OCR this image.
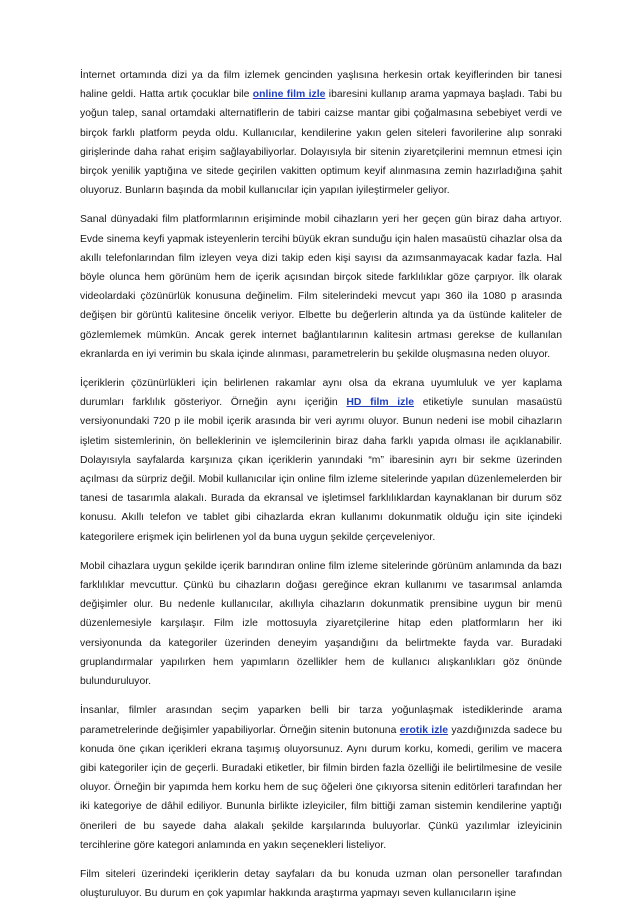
İnternet ortamında dizi ya da film izlemek gencinden yaşlısına herkesin ortak keyiflerinden bir tanesi haline geldi. Hatta artık çocuklar bile online film izle ibaresini kullanıp arama yapmaya başladı. Tabi bu yoğun talep, sanal ortamdaki alternatiflerin de tabiri caizse mantar gibi çoğalmasına sebebiyet verdi ve birçok farklı platform peyda oldu. Kullanıcılar, kendilerine yakın gelen siteleri favorilerine alıp sonraki girişlerinde daha rahat erişim sağlayabiliyorlar. Dolayısıyla bir sitenin ziyaretçilerini memnun etmesi için birçok yenilik yaptığına ve sitede geçirilen vakitten optimum keyif alınmasına zemin hazırladığına şahit oluyoruz. Bunların başında da mobil kullanıcılar için yapılan iyileştirmeler geliyor.

Sanal dünyadaki film platformlarının erişiminde mobil cihazların yeri her geçen gün biraz daha artıyor. Evde sinema keyfi yapmak isteyenlerin tercihi büyük ekran sunduğu için halen masaüstü cihazlar olsa da akıllı telefonlarından film izleyen veya dizi takip eden kişi sayısı da azımsanmayacak kadar fazla. Hal böyle olunca hem görünüm hem de içerik açısından birçok sitede farklılıklar göze çarpıyor. İlk olarak videolardaki çözünürlük konusuna değinelim. Film sitelerindeki mevcut yapı 360 ila 1080 p arasında değişen bir görüntü kalitesine öncelik veriyor. Elbette bu değerlerin altında ya da üstünde kaliteler de gözlemlemek mümkün. Ancak gerek internet bağlantılarının kalitesin artması gerekse de kullanılan ekranlarda en iyi verimin bu skala içinde alınması, parametrelerin bu şekilde oluşmasına neden oluyor.

İçeriklerin çözünürlükleri için belirlenen rakamlar aynı olsa da ekrana uyumluluk ve yer kaplama durumları farklılık gösteriyor. Örneğin aynı içeriğin HD film izle etiketiyle sunulan masaüstü versiyonundaki 720 p ile mobil içerik arasında bir veri ayrımı oluyor. Bunun nedeni ise mobil cihazların işletim sistemlerinin, ön belleklerinin ve işlemcilerinin biraz daha farklı yapıda olması ile açıklanabilir. Dolayısıyla sayfalarda karşınıza çıkan içeriklerin yanındaki “m” ibaresinin ayrı bir sekme üzerinden açılması da sürpriz değil. Mobil kullanıcılar için online film izleme sitelerinde yapılan düzenlemelerden bir tanesi de tasarımla alakalı. Burada da ekransal ve işletimsel farklılıklardan kaynaklanan bir durum söz konusu. Akıllı telefon ve tablet gibi cihazlarda ekran kullanımı dokunmatik olduğu için site içindeki kategorilere erişmek için belirlenen yol da buna uygun şekilde çerçeveleniyor.

Mobil cihazlara uygun şekilde içerik barındıran online film izleme sitelerinde görünüm anlamında da bazı farklılıklar mevcuttur. Çünkü bu cihazların doğası gereğince ekran kullanımı ve tasarımsal anlamda değişimler olur. Bu nedenle kullanıcılar, akıllıyla cihazların dokunmatik prensibine uygun bir menü düzenlemesiyle karşılaşır. Film izle mottosuyla ziyaretçilerine hitap eden platformların her iki versiyonunda da kategoriler üzerinden deneyim yaşandığını da belirtmekte fayda var. Buradaki gruplandırmalar yapılırken hem yapımların özellikler hem de kullanıcı alışkanlıkları göz önünde bulunduruluyor.

İnsanlar, filmler arasından seçim yaparken belli bir tarza yoğunlaşmak istediklerinde arama parametrelerinde değişimler yapabiliyorlar. Örneğin sitenin butonuna erotik izle yazdığınızda sadece bu konuda öne çıkan içerikleri ekrana taşımış oluyorsunuz. Aynı durum korku, komedi, gerilim ve macera gibi kategoriler için de geçerli. Buradaki etiketler, bir filmin birden fazla özelliği ile belirtilmesine de vesile oluyor. Örneğin bir yapımda hem korku hem de suç öğeleri öne çıkıyorsa sitenin editörleri tarafından her iki kategoriye de dâhil ediliyor. Bununla birlikte izleyiciler, film bittiği zaman sistemin kendilerine yaptığı önerileri de bu sayede daha alakalı şekilde karşılarında buluyorlar. Çünkü yazılımlar izleyicinin tercihlerine göre kategori anlamında en yakın seçenekleri listeliyor.

Film siteleri üzerindeki içeriklerin detay sayfaları da bu konuda uzman olan personeller tarafından oluşturuluyor. Bu durum en çok yapımlar hakkında araştırma yapmayı seven kullanıcıların işine
